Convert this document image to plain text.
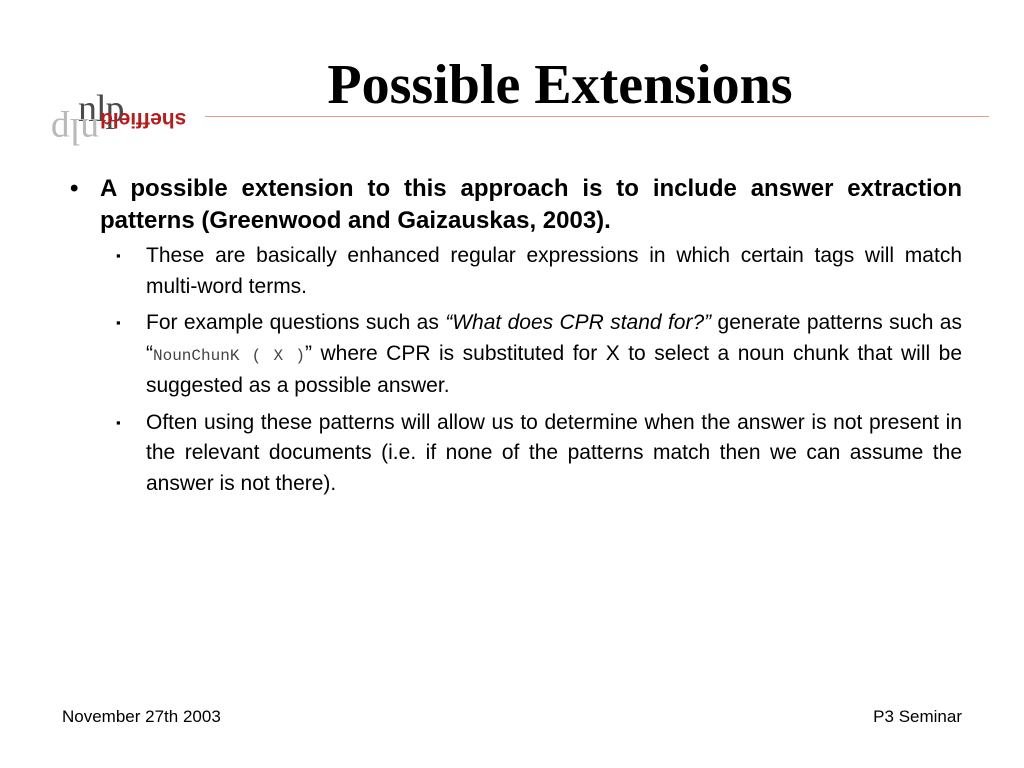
nlp
nlp sheffield
Possible Extensions
• A possible extension to this approach is to include answer extraction patterns (Greenwood and Gaizauskas, 2003).
▪	These are basically enhanced regular expressions in which certain tags will match multi-word terms.
▪	For example questions such as “What does CPR stand for?” generate patterns such as “NounChunK ( X )” where CPR is substituted for X to select a noun chunk that will be suggested as a possible answer.
▪	Often using these patterns will allow us to determine when the answer is not present in the relevant documents (i.e. if none of the patterns match then we can assume the answer is not there).
November 27th 2003	P3 Seminar
